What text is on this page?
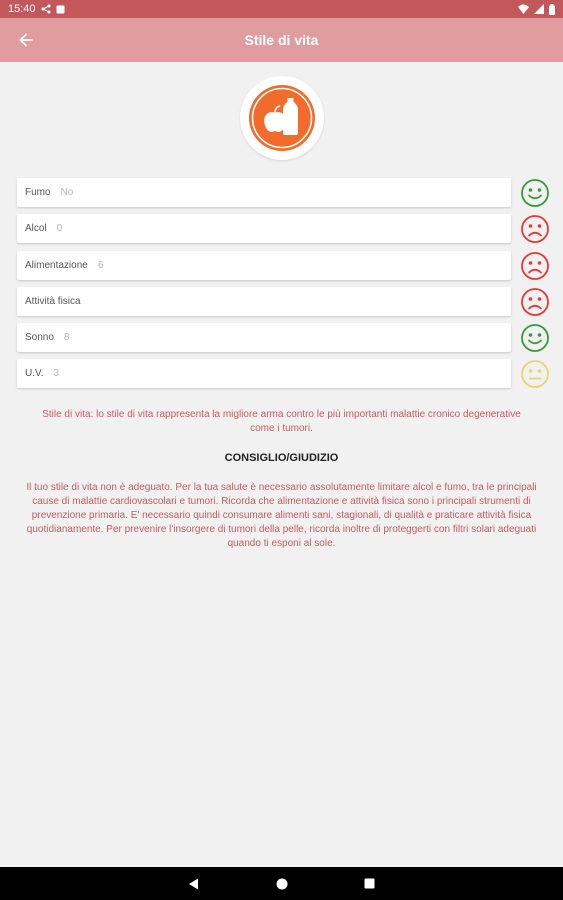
15:40
Stile di vita
Fumo No
Alcol 0
Alimentazione 6
Attività fisica
Sonno 8
U.V. 3

Stile di vita: lo stile di vita rappresenta la migliore arma contro le più importanti malattie cronico degenerative come i tumori.

CONSIGLIO/GIUDIZIO

Il tuo stile di vita non è adeguato. Per la tua salute è necessario assolutamente limitare alcol e fumo, tra le principali cause di malattie cardiovascolari e tumori. Ricorda che alimentazione e attività fisica sono i principali strumenti di prevenzione primaria. E' necessario quindi consumare alimenti sani, stagionali, di qualità e praticare attività fisica quotidianamente. Per prevenire l'insorgere di tumori della pelle, ricorda inoltre di proteggerti con filtri solari adeguati quando ti esponi al sole.
